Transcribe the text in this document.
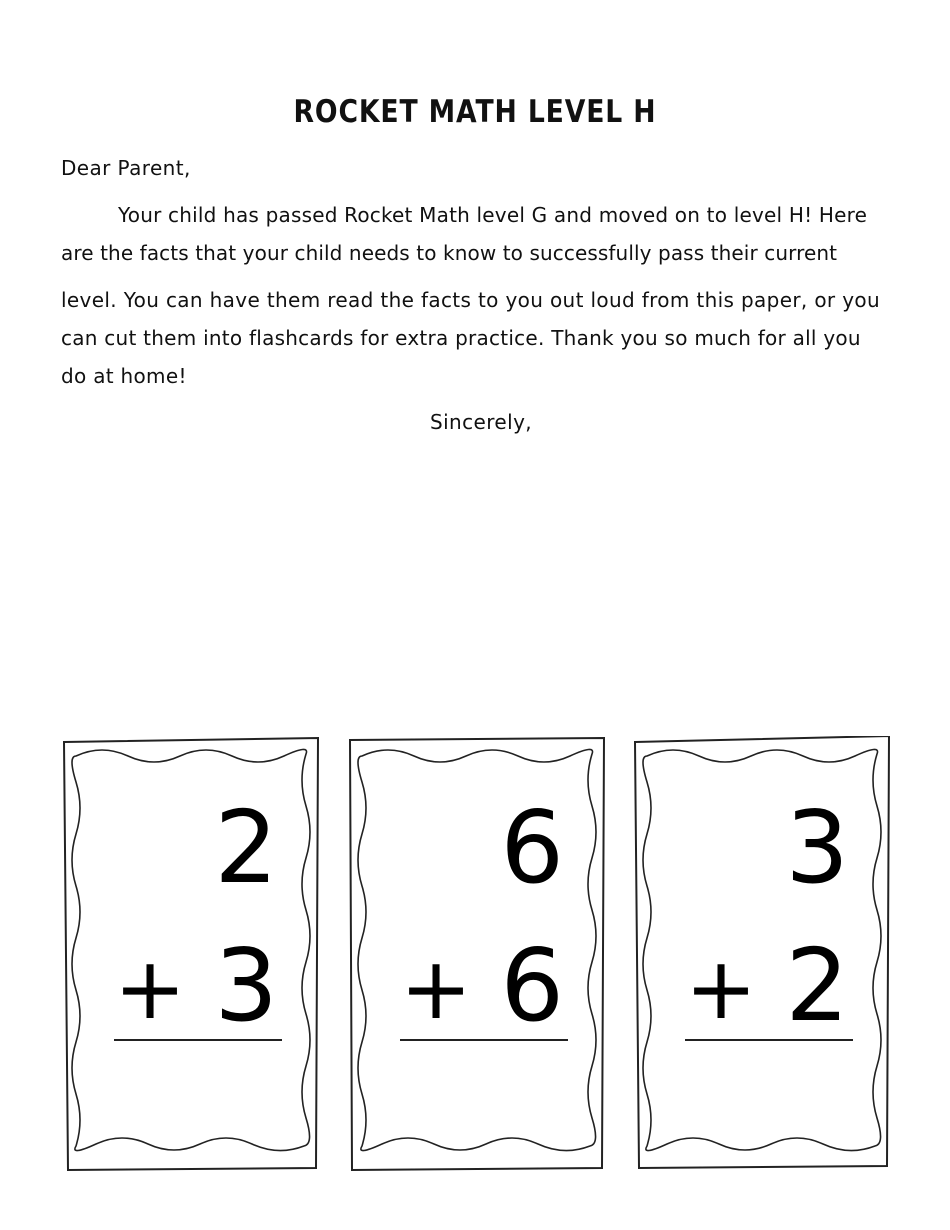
ROCKET MATH LEVEL H
Dear Parent,
Your child has passed Rocket Math level G and moved on to level H! Here
are the facts that your child needs to know to successfully pass their current
level. You can have them read the facts to you out loud from this paper, or you
can cut them into flashcards for extra practice. Thank you so much for all you
do at home!
Sincerely,
2
+ 3
6
+ 6
3
+ 2
